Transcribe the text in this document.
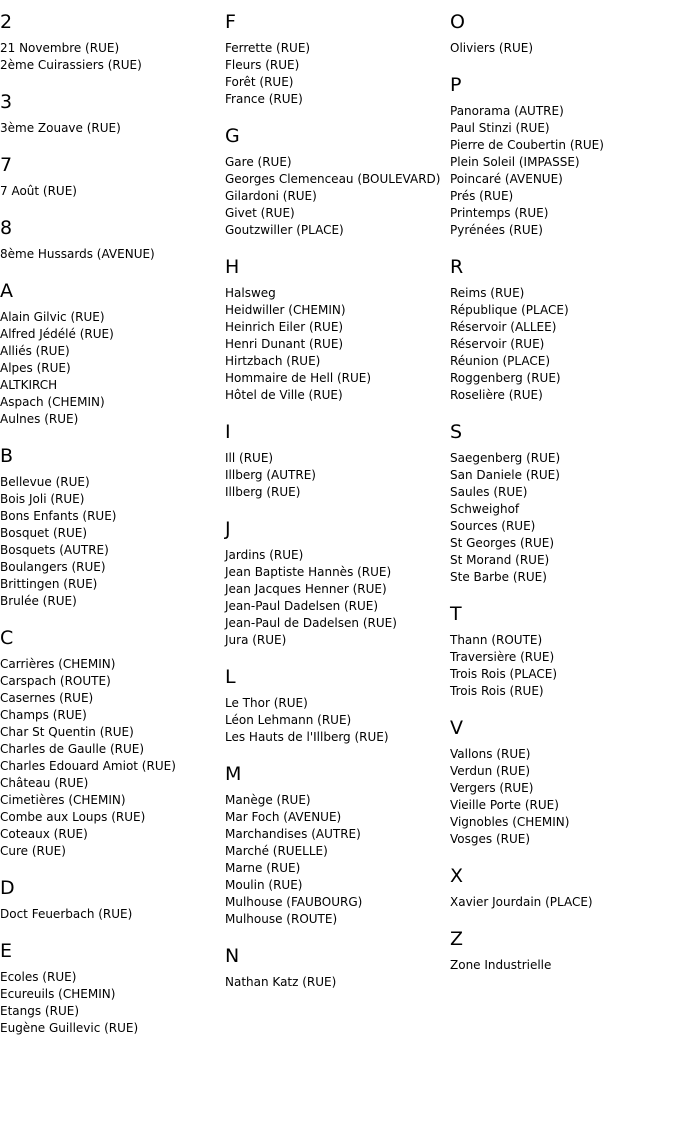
2
21 Novembre (RUE)
2ème Cuirassiers (RUE)
3
3ème Zouave (RUE)
7
7 Août (RUE)
8
8ème Hussards (AVENUE)
A
Alain Gilvic (RUE)
Alfred Jédélé (RUE)
Alliés (RUE)
Alpes (RUE)
ALTKIRCH
Aspach (CHEMIN)
Aulnes (RUE)
B
Bellevue (RUE)
Bois Joli (RUE)
Bons Enfants (RUE)
Bosquet (RUE)
Bosquets (AUTRE)
Boulangers (RUE)
Brittingen (RUE)
Brulée (RUE)
C
Carrières (CHEMIN)
Carspach (ROUTE)
Casernes (RUE)
Champs (RUE)
Char St Quentin (RUE)
Charles de Gaulle (RUE)
Charles Edouard Amiot (RUE)
Château (RUE)
Cimetières (CHEMIN)
Combe aux Loups (RUE)
Coteaux (RUE)
Cure (RUE)
D
Doct Feuerbach (RUE)
E
Ecoles (RUE)
Ecureuils (CHEMIN)
Etangs (RUE)
Eugène Guillevic (RUE)
F
Ferrette (RUE)
Fleurs (RUE)
Forêt (RUE)
France (RUE)
G
Gare (RUE)
Georges Clemenceau (BOULEVARD)
Gilardoni (RUE)
Givet (RUE)
Goutzwiller (PLACE)
H
Halsweg
Heidwiller (CHEMIN)
Heinrich Eiler (RUE)
Henri Dunant (RUE)
Hirtzbach (RUE)
Hommaire de Hell (RUE)
Hôtel de Ville (RUE)
I
Ill (RUE)
Illberg (AUTRE)
Illberg (RUE)
J
Jardins (RUE)
Jean Baptiste Hannès (RUE)
Jean Jacques Henner (RUE)
Jean-Paul Dadelsen (RUE)
Jean-Paul de Dadelsen (RUE)
Jura (RUE)
L
Le Thor (RUE)
Léon Lehmann (RUE)
Les Hauts de l'Illberg (RUE)
M
Manège (RUE)
Mar Foch (AVENUE)
Marchandises (AUTRE)
Marché (RUELLE)
Marne (RUE)
Moulin (RUE)
Mulhouse (FAUBOURG)
Mulhouse (ROUTE)
N
Nathan Katz (RUE)
O
Oliviers (RUE)
P
Panorama (AUTRE)
Paul Stinzi (RUE)
Pierre de Coubertin (RUE)
Plein Soleil (IMPASSE)
Poincaré (AVENUE)
Prés (RUE)
Printemps (RUE)
Pyrénées (RUE)
R
Reims (RUE)
République (PLACE)
Réservoir (ALLEE)
Réservoir (RUE)
Réunion (PLACE)
Roggenberg (RUE)
Roselière (RUE)
S
Saegenberg (RUE)
San Daniele (RUE)
Saules (RUE)
Schweighof
Sources (RUE)
St Georges (RUE)
St Morand (RUE)
Ste Barbe (RUE)
T
Thann (ROUTE)
Traversière (RUE)
Trois Rois (PLACE)
Trois Rois (RUE)
V
Vallons (RUE)
Verdun (RUE)
Vergers (RUE)
Vieille Porte (RUE)
Vignobles (CHEMIN)
Vosges (RUE)
X
Xavier Jourdain (PLACE)
Z
Zone Industrielle
